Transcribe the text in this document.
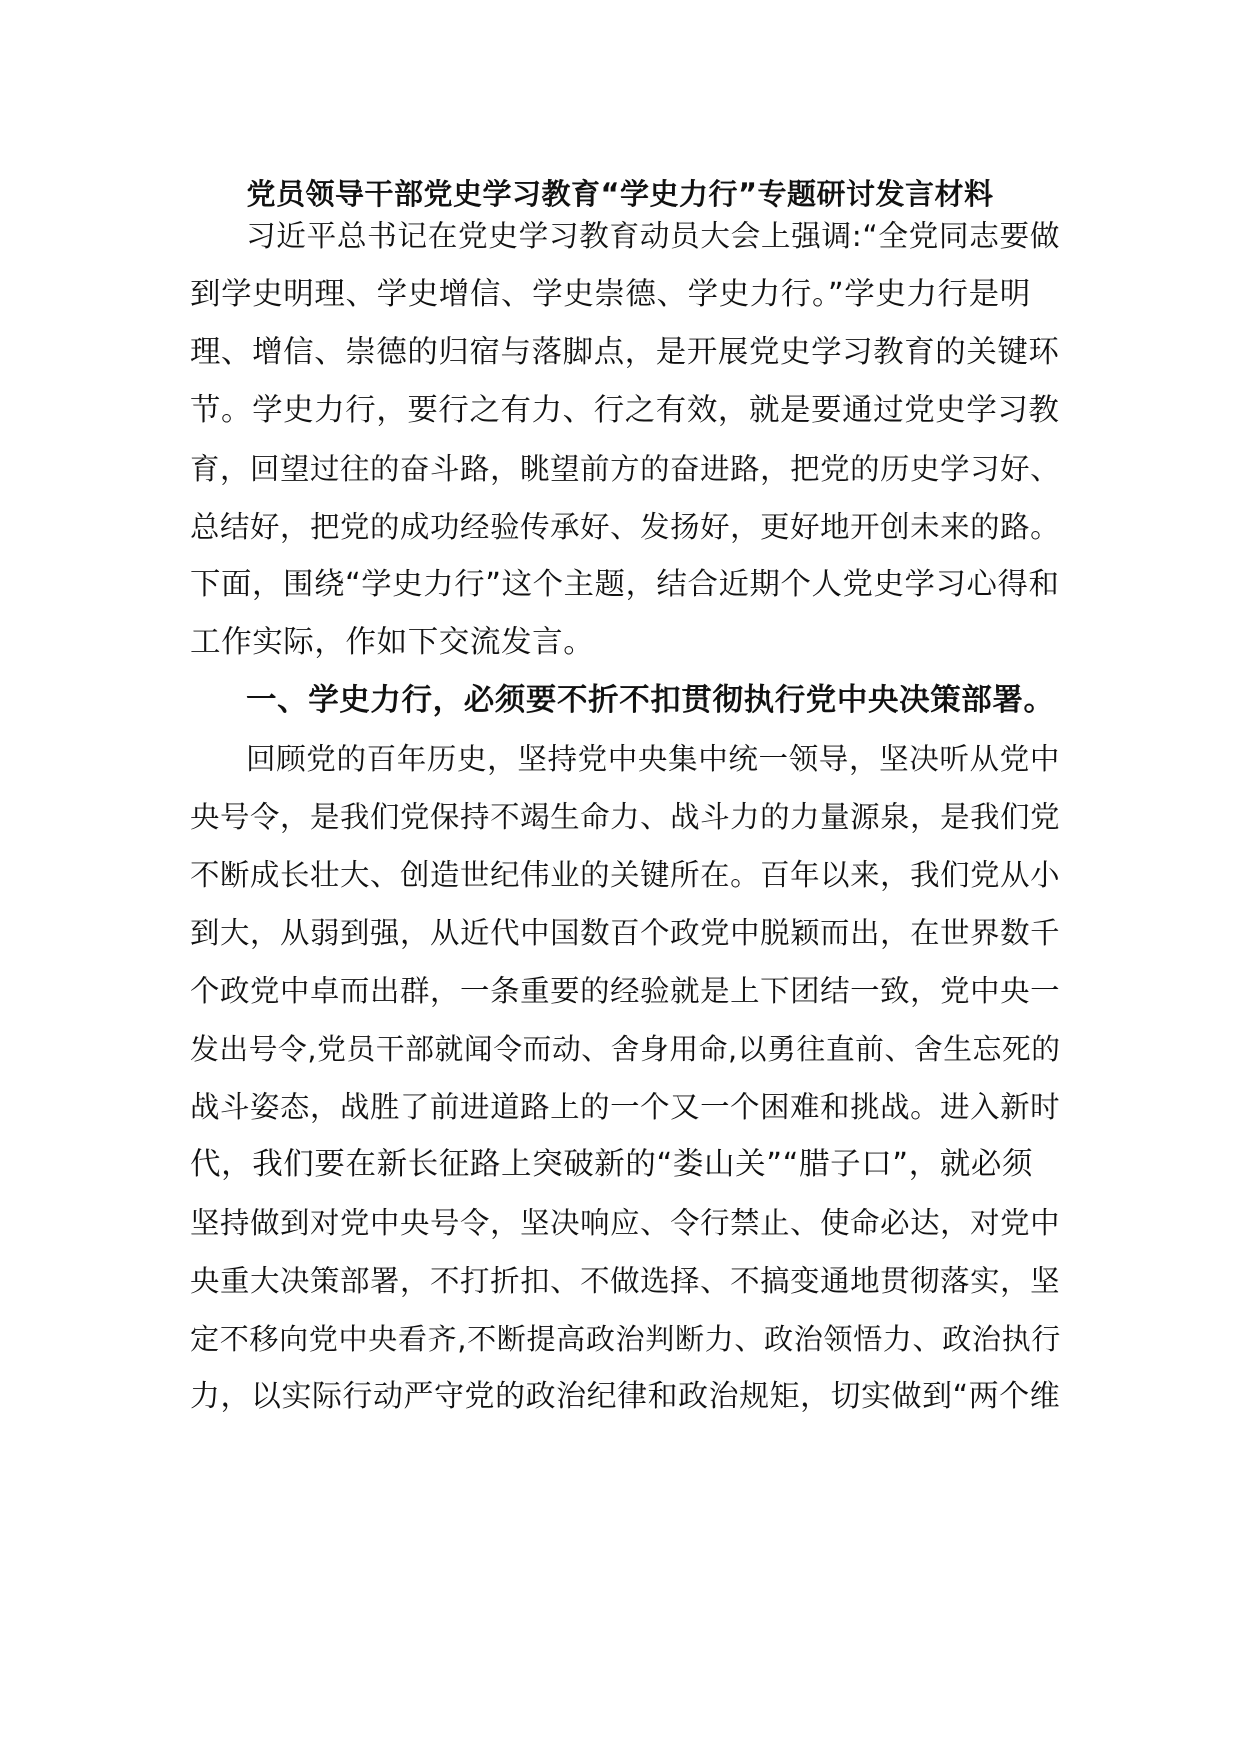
党员领导干部党史学习教育“学史力行”专题研讨发言材料
习近平总书记在党史学习教育动员大会上强调:“全党同志要做
到学史明理、学史增信、学史崇德、学史力行。”学史力行是明
理、增信、崇德的归宿与落脚点，是开展党史学习教育的关键环
节。学史力行，要行之有力、行之有效，就是要通过党史学习教
育，回望过往的奋斗路，眺望前方的奋进路，把党的历史学习好、
总结好，把党的成功经验传承好、发扬好，更好地开创未来的路。
下面，围绕“学史力行”这个主题，结合近期个人党史学习心得和
工作实际，作如下交流发言。
一、学史力行，必须要不折不扣贯彻执行党中央决策部署。
回顾党的百年历史，坚持党中央集中统一领导，坚决听从党中
央号令，是我们党保持不竭生命力、战斗力的力量源泉，是我们党
不断成长壮大、创造世纪伟业的关键所在。百年以来，我们党从小
到大，从弱到强，从近代中国数百个政党中脱颖而出，在世界数千
个政党中卓而出群，一条重要的经验就是上下团结一致，党中央一
发出号令,党员干部就闻令而动、舍身用命,以勇往直前、舍生忘死的
战斗姿态，战胜了前进道路上的一个又一个困难和挑战。进入新时
代，我们要在新长征路上突破新的“娄山关”“腊子口”，就必须
坚持做到对党中央号令，坚决响应、令行禁止、使命必达，对党中
央重大决策部署，不打折扣、不做选择、不搞变通地贯彻落实，坚
定不移向党中央看齐,不断提高政治判断力、政治领悟力、政治执行
力，以实际行动严守党的政治纪律和政治规矩，切实做到“两个维
